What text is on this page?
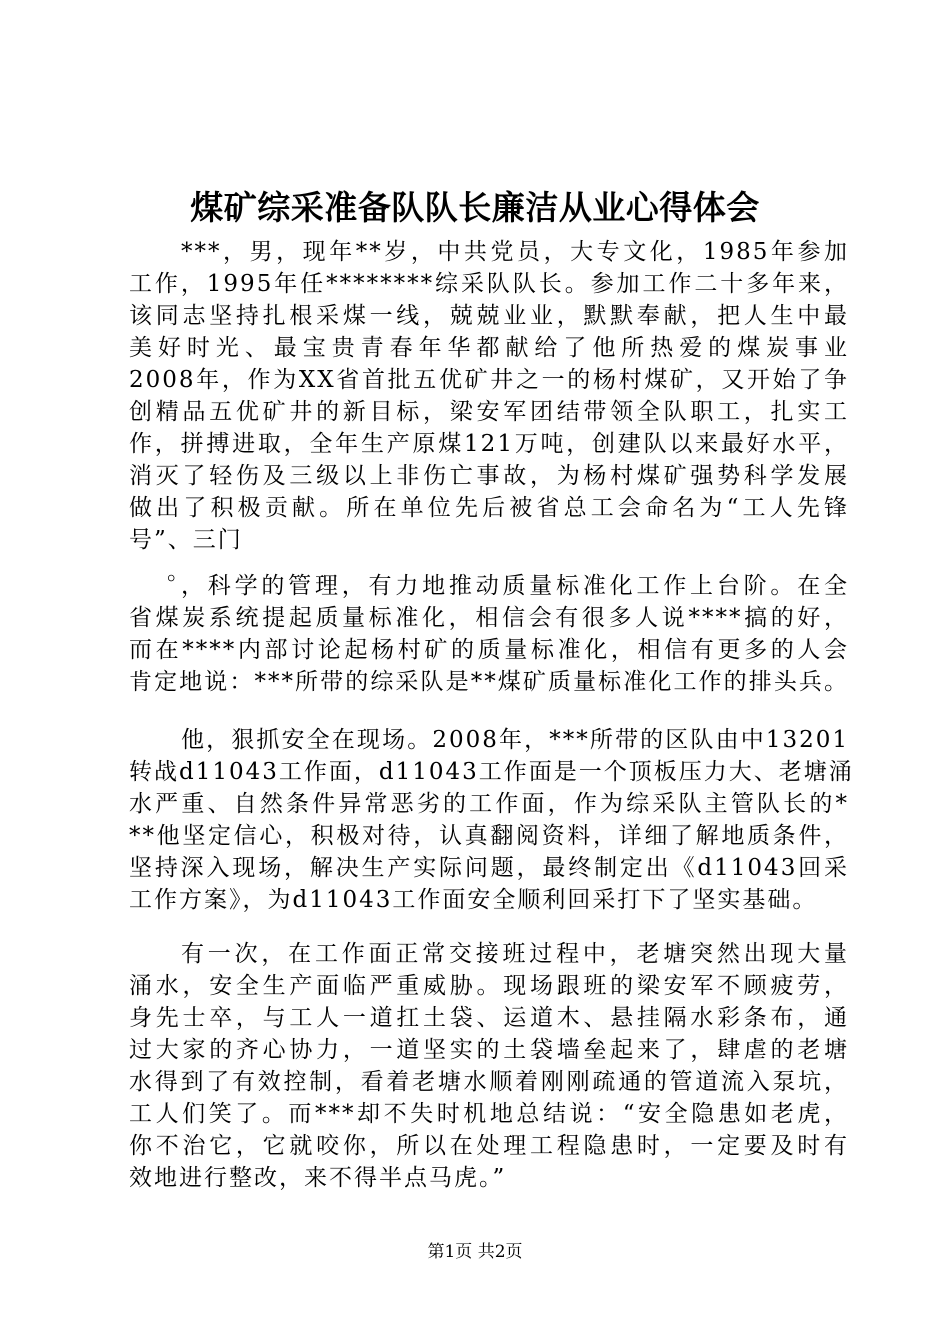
煤矿综采准备队队长廉洁从业心得体会
***，男，现年**岁，中共党员，大专文化，1985年参加
工作，1995年任********综采队队长。参加工作二十多年来，
该同志坚持扎根采煤一线，兢兢业业，默默奉献，把人生中最
美好时光、最宝贵青春年华都献给了他所热爱的煤炭事业
2008年，作为XX省首批五优矿井之一的杨村煤矿，又开始了争
创精品五优矿井的新目标，梁安军团结带领全队职工，扎实工
作，拼搏进取，全年生产原煤121万吨，创建队以来最好水平，
消灭了轻伤及三级以上非伤亡事故，为杨村煤矿强势科学发展
做出了积极贡献。所在单位先后被省总工会命名为“工人先锋
号”、三门
。
，科学的管理，有力地推动质量标准化工作上台阶。在全
省煤炭系统提起质量标准化，相信会有很多人说****搞的好，
而在****内部讨论起杨村矿的质量标准化，相信有更多的人会
肯定地说：***所带的综采队是**煤矿质量标准化工作的排头兵。
他，狠抓安全在现场。2008年，***所带的区队由中13201
转战d11043工作面，d11043工作面是一个顶板压力大、老塘涌
水严重、自然条件异常恶劣的工作面，作为综采队主管队长的*
**他坚定信心，积极对待，认真翻阅资料，详细了解地质条件，
坚持深入现场，解决生产实际问题，最终制定出《d11043回采
工作方案》，为d11043工作面安全顺利回采打下了坚实基础。
有一次，在工作面正常交接班过程中，老塘突然出现大量
涌水，安全生产面临严重威胁。现场跟班的梁安军不顾疲劳，
身先士卒，与工人一道扛土袋、运道木、悬挂隔水彩条布，通
过大家的齐心协力，一道坚实的土袋墙垒起来了，肆虐的老塘
水得到了有效控制，看着老塘水顺着刚刚疏通的管道流入泵坑，
工人们笑了。而***却不失时机地总结说：“安全隐患如老虎，
你不治它，它就咬你，所以在处理工程隐患时，一定要及时有
效地进行整改，来不得半点马虎。”
第1页 共2页
